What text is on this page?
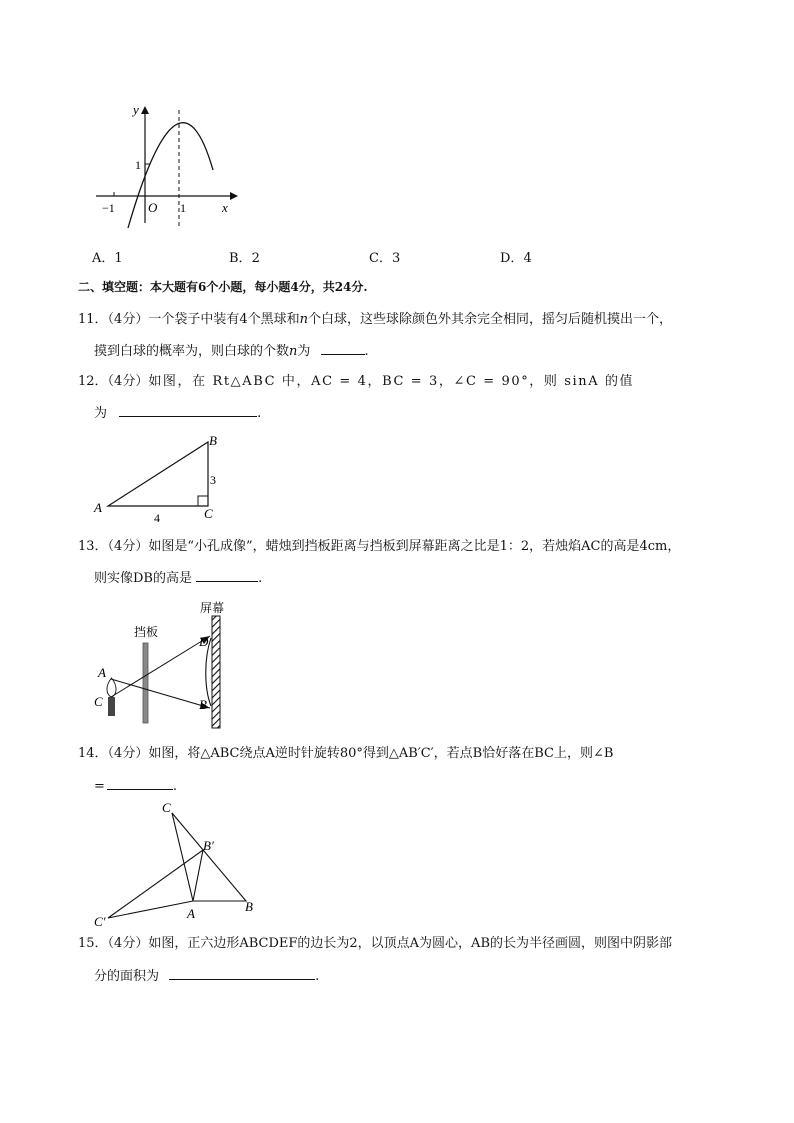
y
x
O
1
−1	1
A．1	B．2	C．3	D．4
二、填空题：本大题有6个小题，每小题4分，共24分.
11．（4分）一个袋子中装有4个黑球和n个白球，这些球除颜色外其余完全相同，摇匀后随机摸出一个，
摸到白球的概率为，则白球的个数n为	.
12．（4分）如图，在 Rt△ABC 中，AC = 4，BC = 3，∠C = 90°，则 sinA 的值
为	.
B
A	C
4
3
13．（4分）如图是“小孔成像”，蜡烛到挡板距离与挡板到屏幕距离之比是1：2，若烛焰AC的高是4cm，
则实像DB的高是	.
屏幕
挡板
A
C
D
B
14．（4分）如图，将△ABC绕点A逆时针旋转80°得到△AB′C′，若点B恰好落在BC上，则∠B
=	.
C
B′
C′
A	B
15．（4分）如图，正六边形ABCDEF的边长为2，以顶点A为圆心，AB的长为半径画圆，则图中阴影部
分的面积为	.
